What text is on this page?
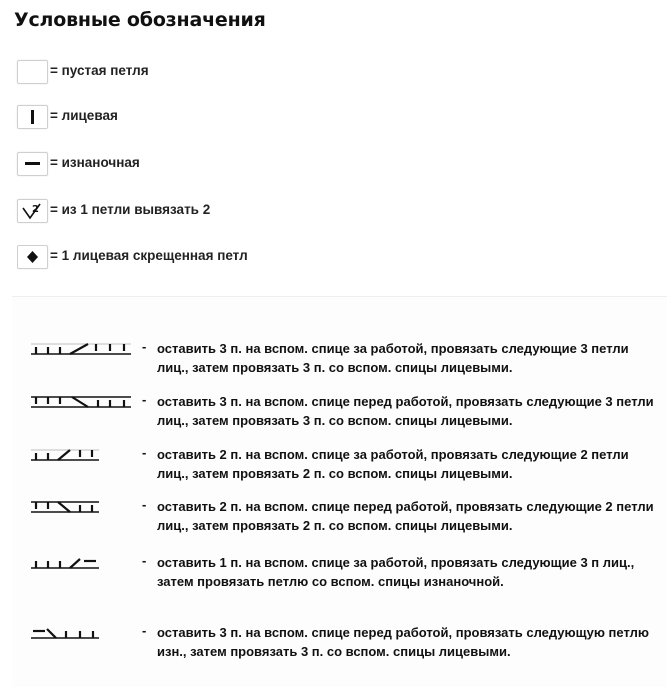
Условные обозначения
= пустая петля
= лицевая
= изнаночная
2 = из 1 петли вывязать 2
= 1 лицевая скрещенная петл
- оставить 3 п. на вспом. спице за работой, провязать следующие 3 петли лиц., затем провязать 3 п. со вспом. спицы лицевыми.
- оставить 3 п. на вспом. спице перед работой, провязать следующие 3 петли лиц., затем провязать 3 п. со вспом. спицы лицевыми.
- оставить 2 п. на вспом. спице за работой, провязать следующие 2 петли лиц., затем провязать 2 п. со вспом. спицы лицевыми.
- оставить 2 п. на вспом. спице перед работой, провязать следующие 2 петли лиц., затем провязать 2 п. со вспом. спицы лицевыми.
- оставить 1 п. на вспом. спице за работой, провязать следующие 3 п лиц., затем провязать петлю со вспом. спицы изнаночной.
- оставить 3 п. на вспом. спице перед работой, провязать следующую петлю изн., затем провязать 3 п. со вспом. спицы лицевыми.
